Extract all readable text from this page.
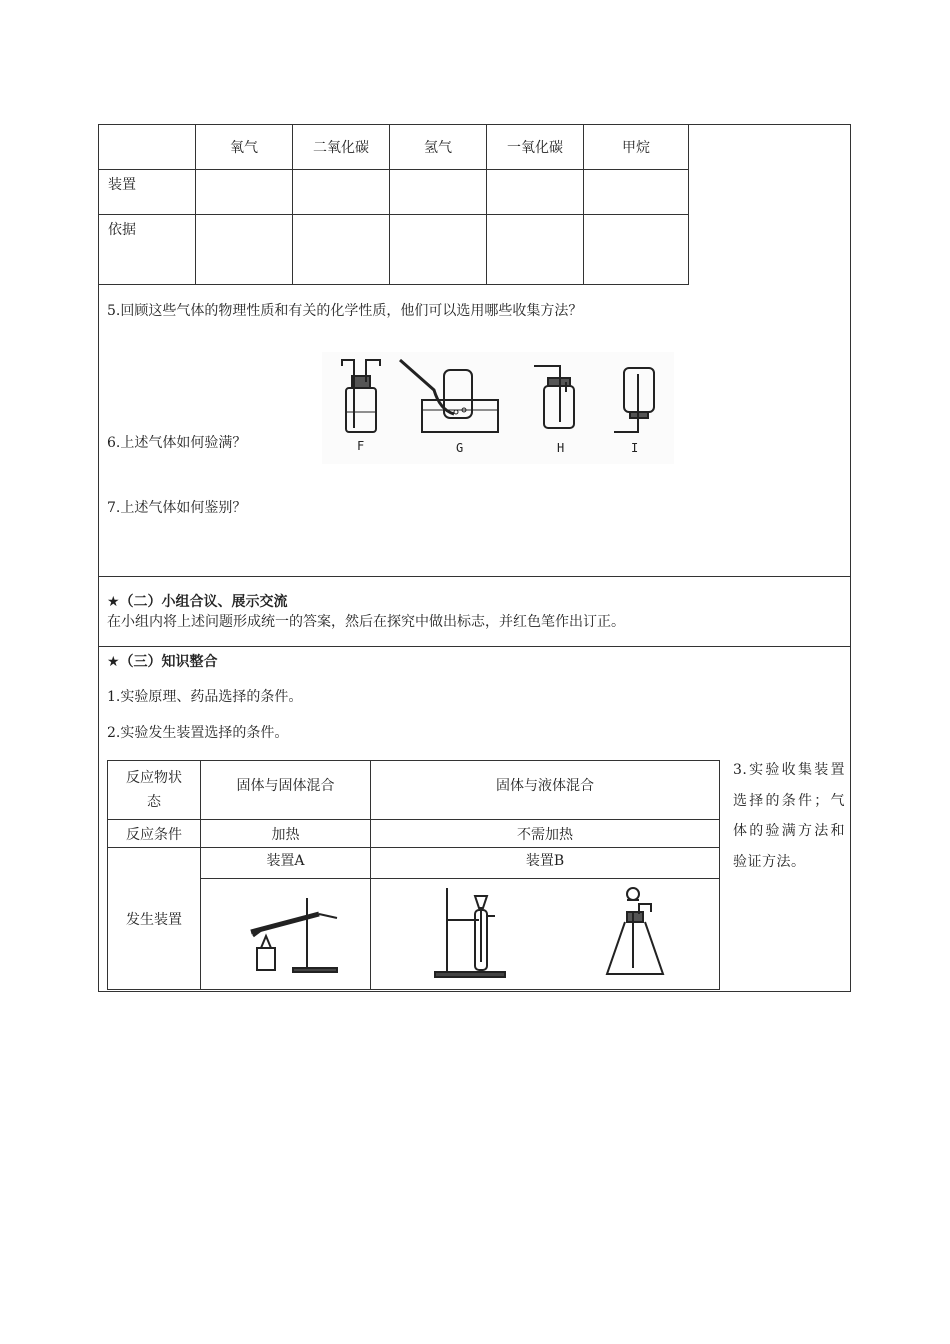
	氧气	二氧化碳	氢气	一氧化碳	甲烷
装置					
依据					
5.回顾这些气体的物理性质和有关的化学性质，他们可以选用哪些收集方法？
F	G	H	I
6.上述气体如何验满？
7.上述气体如何鉴别？
★（二）小组合议、展示交流
在小组内将上述问题形成统一的答案，然后在探究中做出标志，并红色笔作出订正。
★（三）知识整合
1.实验原理、药品选择的条件。
2.实验发生装置选择的条件。
反应物状
态	固体与固体混合	固体与液体混合
反应条件	加热	不需加热
发生装置	装置A	装置B

3.实验收集装置选择的条件；气体的验满方法和验证方法。
